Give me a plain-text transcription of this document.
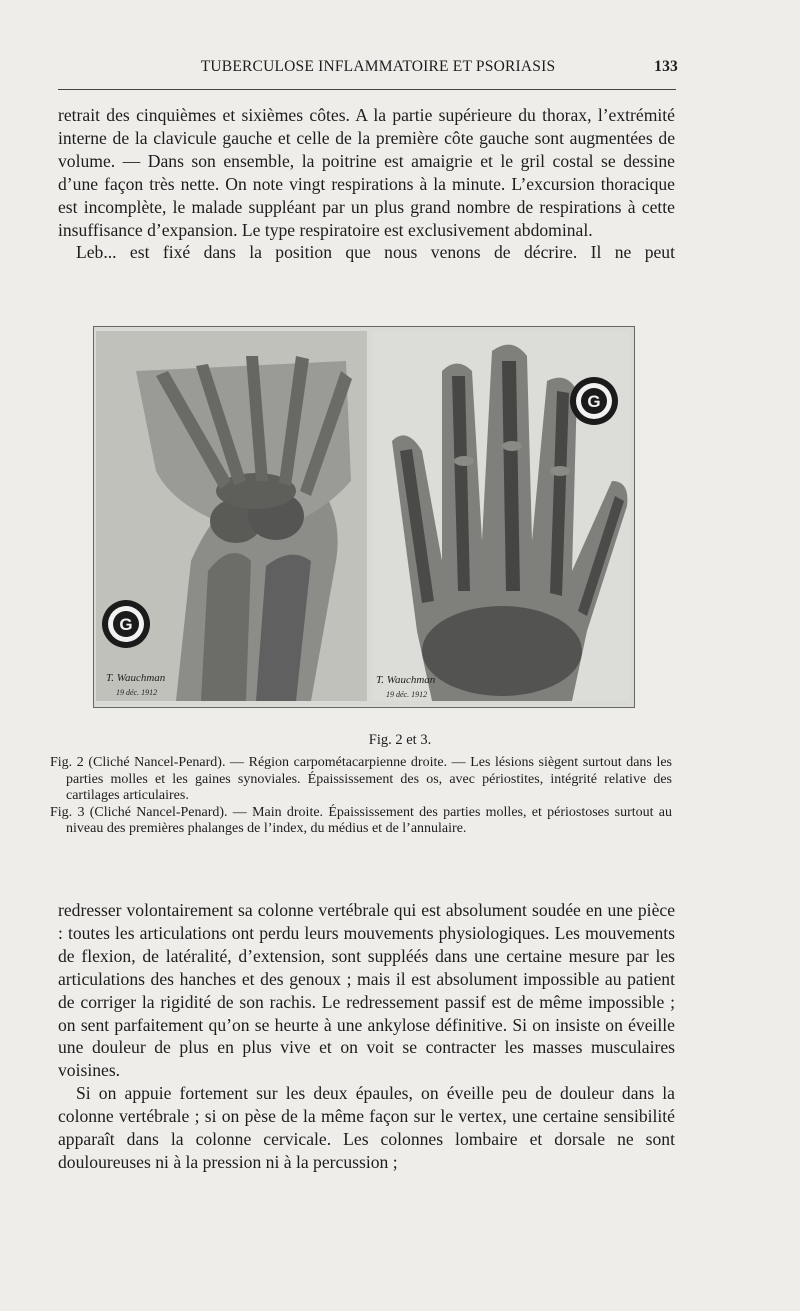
TUBERCULOSE INFLAMMATOIRE ET PSORIASIS	133

retrait des cinquièmes et sixièmes côtes. A la partie supérieure du thorax, l’extrémité interne de la clavicule gauche et celle de la première côte gauche sont augmentées de volume. — Dans son ensemble, la poitrine est amaigrie et le gril costal se dessine d’une façon très nette. On note vingt respirations à la minute. L’excursion thoracique est incomplète, le malade suppléant par un plus grand nombre de respirations à cette insuffisance d’expansion. Le type respiratoire est exclusivement abdominal.

Leb... est fixé dans la position que nous venons de décrire. Il ne peut

G
T. Wauchman
19 déc. 1912
G
T. Wauchman
19 déc. 1912
Fig. 2 et 3.

Fig. 2 (Cliché Nancel-Penard). — Région carpométacarpienne droite. — Les lésions siègent surtout dans les parties molles et les gaines synoviales. Épaississement des os, avec périostites, intégrité relative des cartilages articulaires.

Fig. 3 (Cliché Nancel-Penard). — Main droite. Épaississement des parties molles, et périostoses surtout au niveau des premières phalanges de l’index, du médius et de l’annulaire.

redresser volontairement sa colonne vertébrale qui est absolument soudée en une pièce : toutes les articulations ont perdu leurs mouvements physiologiques. Les mouvements de flexion, de latéralité, d’extension, sont suppléés dans une certaine mesure par les articulations des hanches et des genoux ; mais il est absolument impossible au patient de corriger la rigidité de son rachis. Le redressement passif est de même impossible ; on sent parfaitement qu’on se heurte à une ankylose définitive. Si on insiste on éveille une douleur de plus en plus vive et on voit se contracter les masses musculaires voisines.

Si on appuie fortement sur les deux épaules, on éveille peu de douleur dans la colonne vertébrale ; si on pèse de la même façon sur le vertex, une certaine sensibilité apparaît dans la colonne cervicale. Les colonnes lombaire et dorsale ne sont douloureuses ni à la pression ni à la percussion ;
